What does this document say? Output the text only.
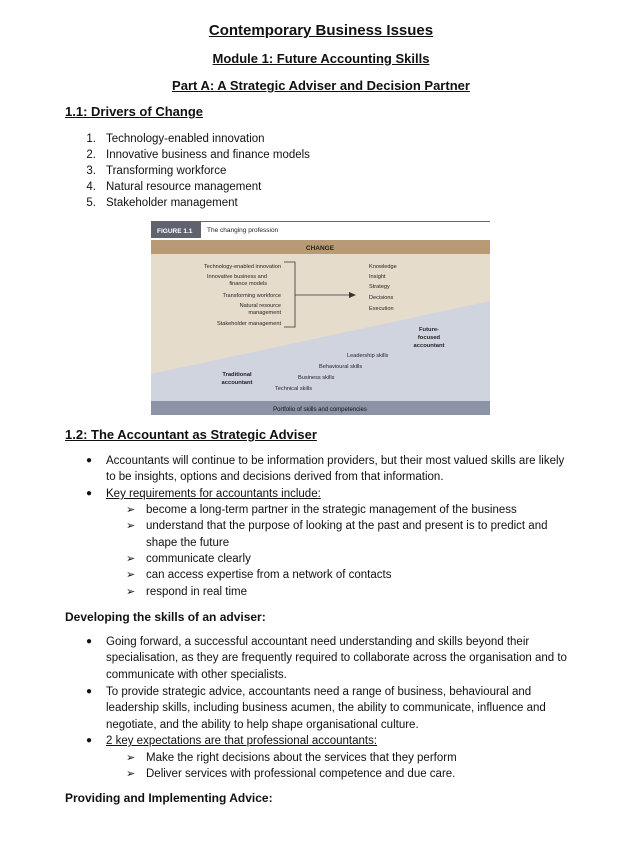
Contemporary Business Issues
Module 1: Future Accounting Skills
Part A: A Strategic Adviser and Decision Partner
1.1: Drivers of Change
1. Technology-enabled innovation
2. Innovative business and finance models
3. Transforming workforce
4. Natural resource management
5. Stakeholder management
FIGURE 1.1 The changing profession
CHANGE
Portfolio of skills and competencies
Technology-enabled innovation
Innovative business and
finance models
Transforming workforce
Natural resource
management
Stakeholder management
Knowledge
Insight
Strategy
Decisions
Execution
Future-
focused
accountant
Traditional
accountant
Leadership skills
Behavioural skills
Business skills
Technical skills
1.2: The Accountant as Strategic Adviser
● Accountants will continue to be information providers, but their most valued skills are likely
to be insights, options and decisions derived from that information.
● Key requirements for accountants include:
➢ become a long-term partner in the strategic management of the business
➢ understand that the purpose of looking at the past and present is to predict and
shape the future
➢ communicate clearly
➢ can access expertise from a network of contacts
➢ respond in real time
Developing the skills of an adviser:
● Going forward, a successful accountant need understanding and skills beyond their
specialisation, as they are frequently required to collaborate across the organisation and to
communicate with other specialists.
● To provide strategic advice, accountants need a range of business, behavioural and
leadership skills, including business acumen, the ability to communicate, influence and
negotiate, and the ability to help shape organisational culture.
● 2 key expectations are that professional accountants:
➢ Make the right decisions about the services that they perform
➢ Deliver services with professional competence and due care.
Providing and Implementing Advice:
